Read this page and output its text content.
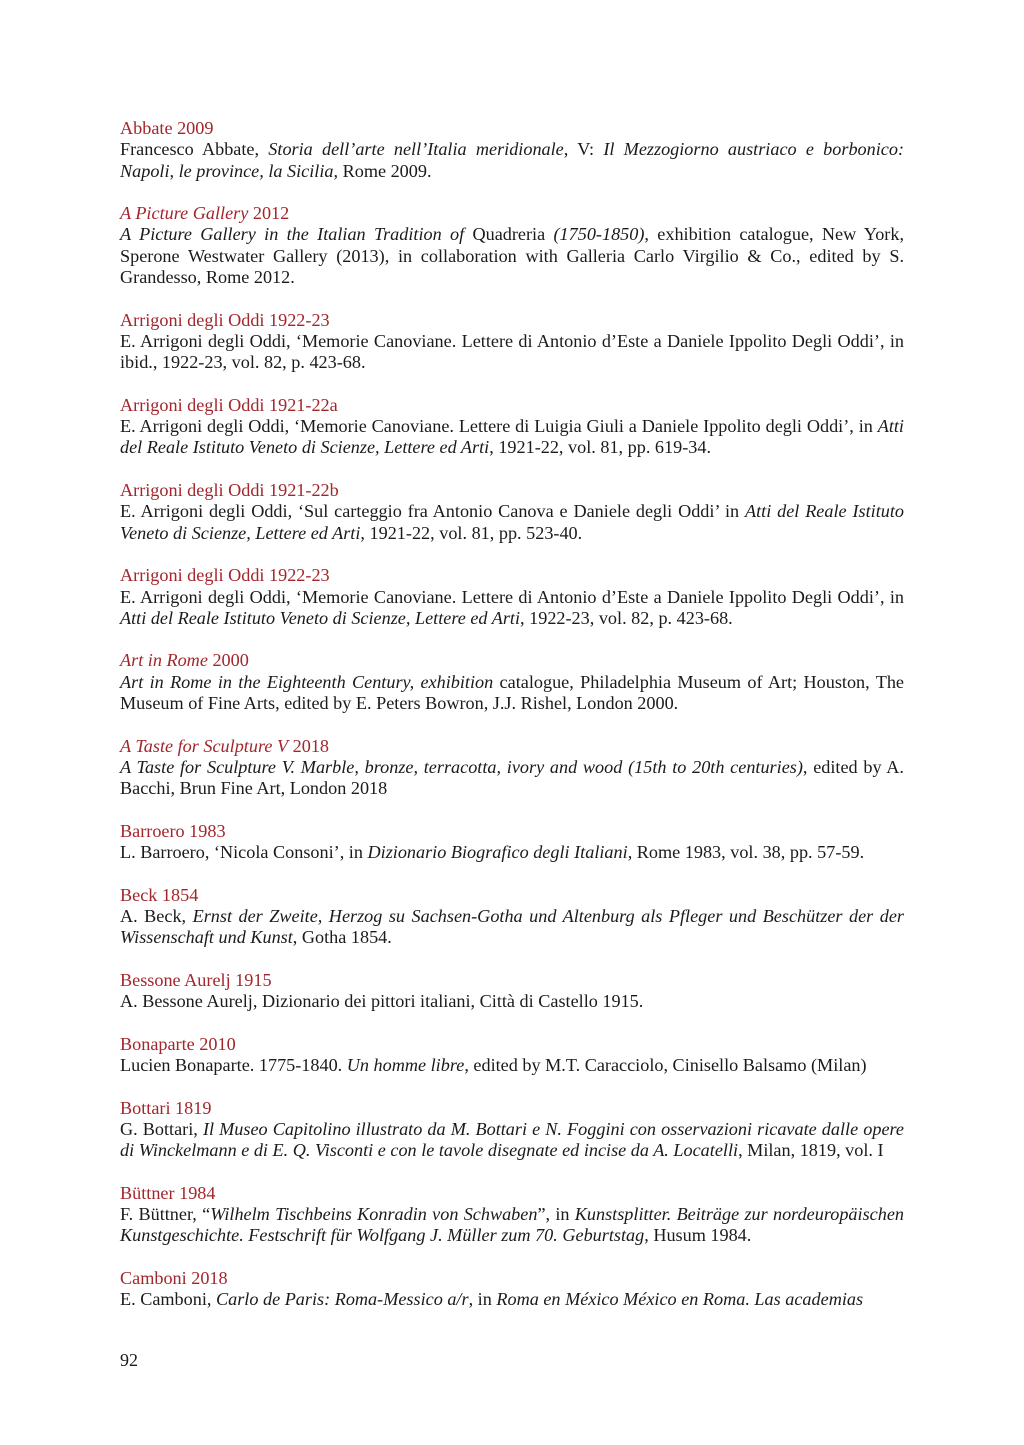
Abbate 2009
Francesco Abbate, Storia dell’arte nell’Italia meridionale, V: Il Mezzogiorno austriaco e borbonico: Napoli, le province, la Sicilia, Rome 2009.
A Picture Gallery 2012
A Picture Gallery in the Italian Tradition of Quadreria (1750-1850), exhibition catalogue, New York, Sperone Westwater Gallery (2013), in collaboration with Galleria Carlo Virgilio & Co., edited by S. Grandesso, Rome 2012.
Arrigoni degli Oddi 1922-23
E. Arrigoni degli Oddi, ‘Memorie Canoviane. Lettere di Antonio d’Este a Daniele Ippolito Degli Oddi’, in ibid., 1922-23, vol. 82, p. 423-68.
Arrigoni degli Oddi 1921-22a
E. Arrigoni degli Oddi, ‘Memorie Canoviane. Lettere di Luigia Giuli a Daniele Ippolito degli Oddi’, in Atti del Reale Istituto Veneto di Scienze, Lettere ed Arti, 1921-22, vol. 81, pp. 619-34.
Arrigoni degli Oddi 1921-22b
E. Arrigoni degli Oddi, ‘Sul carteggio fra Antonio Canova e Daniele degli Oddi’ in Atti del Reale Istituto Veneto di Scienze, Lettere ed Arti, 1921-22, vol. 81, pp. 523-40.
Arrigoni degli Oddi 1922-23
E. Arrigoni degli Oddi, ‘Memorie Canoviane. Lettere di Antonio d’Este a Daniele Ippolito Degli Oddi’, in Atti del Reale Istituto Veneto di Scienze, Lettere ed Arti, 1922-23, vol. 82, p. 423-68.
Art in Rome 2000
Art in Rome in the Eighteenth Century, exhibition catalogue, Philadelphia Museum of Art; Houston, The Museum of Fine Arts, edited by E. Peters Bowron, J.J. Rishel, London 2000.
A Taste for Sculpture V 2018
A Taste for Sculpture V. Marble, bronze, terracotta, ivory and wood (15th to 20th centuries), edited by A. Bacchi, Brun Fine Art, London 2018
Barroero 1983
L. Barroero, ‘Nicola Consoni’, in Dizionario Biografico degli Italiani, Rome 1983, vol. 38, pp. 57-59.
Beck 1854
A. Beck, Ernst der Zweite, Herzog su Sachsen-Gotha und Altenburg als Pfleger und Beschützer der der Wissenschaft und Kunst, Gotha 1854.
Bessone Aurelj 1915
A. Bessone Aurelj, Dizionario dei pittori italiani, Città di Castello 1915.
Bonaparte 2010
Lucien Bonaparte. 1775-1840. Un homme libre, edited by M.T. Caracciolo, Cinisello Balsamo (Milan)
Bottari 1819
G. Bottari, Il Museo Capitolino illustrato da M. Bottari e N. Foggini con osservazioni ricavate dalle opere di Winckelmann e di E. Q. Visconti e con le tavole disegnate ed incise da A. Locatelli, Milan, 1819, vol. I
Büttner 1984
F. Büttner, “Wilhelm Tischbeins Konradin von Schwaben”, in Kunstsplitter. Beiträge zur nordeuropäischen Kunstgeschichte. Festschrift für Wolfgang J. Müller zum 70. Geburtstag, Husum 1984.
Camboni 2018
E. Camboni, Carlo de Paris: Roma-Messico a/r, in Roma en México México en Roma. Las academias
92
